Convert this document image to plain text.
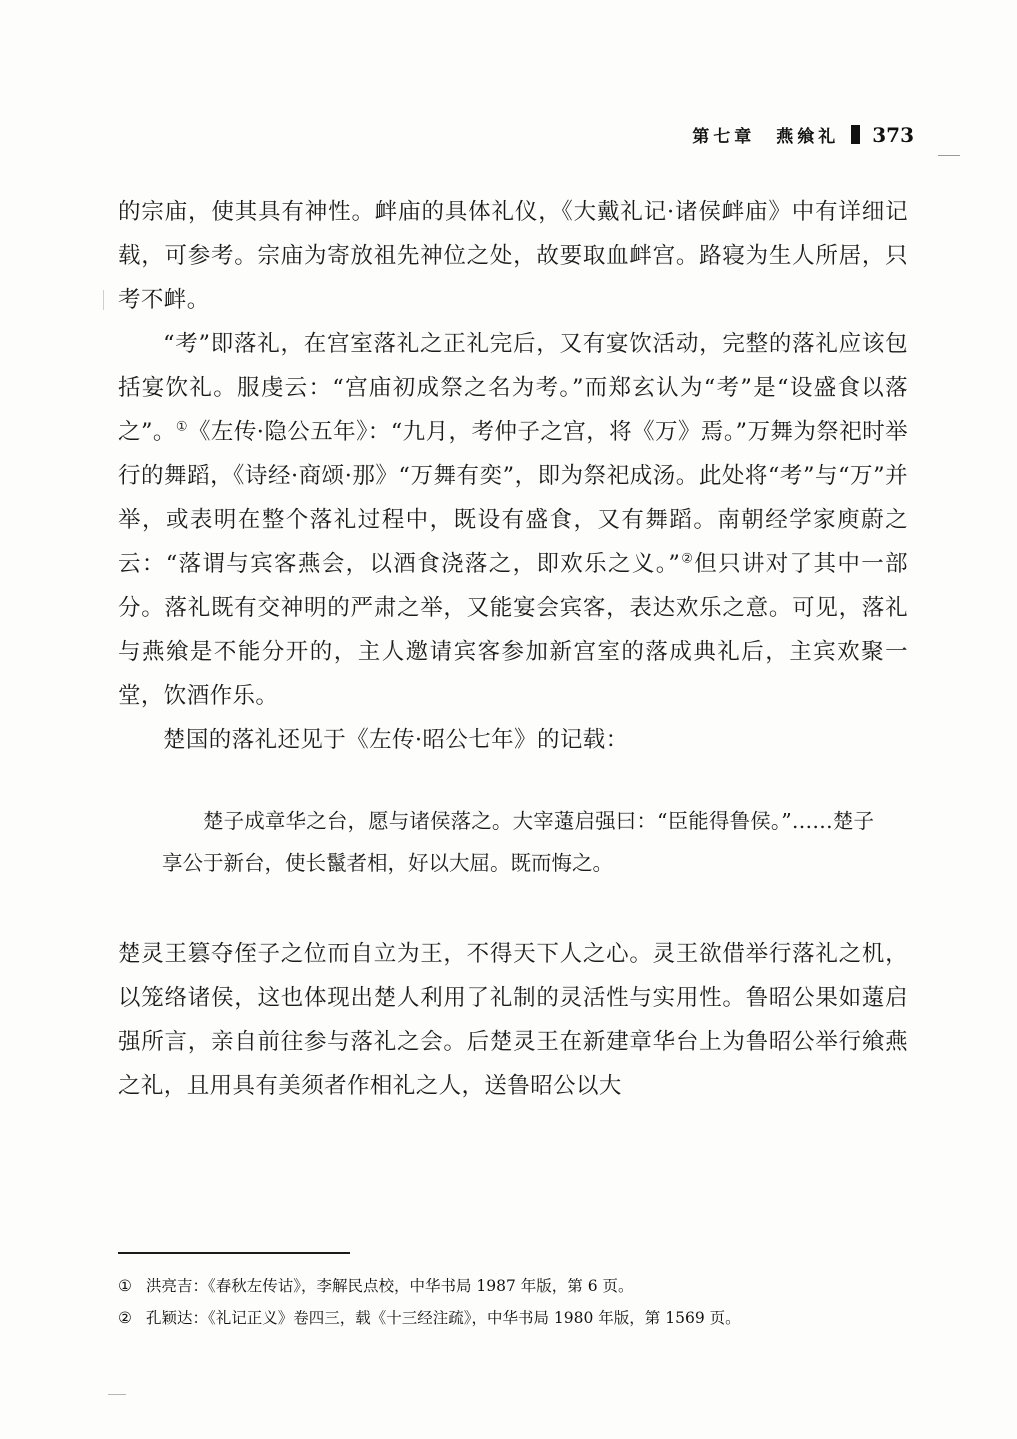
第七章　燕飨礼 373

的宗庙，使其具有神性。衅庙的具体礼仪，《大戴礼记·诸侯衅庙》中有详细记载，可参考。宗庙为寄放祖先神位之处，故要取血衅宫。路寝为生人所居，只考不衅。

“考”即落礼，在宫室落礼之正礼完后，又有宴饮活动，完整的落礼应该包括宴饮礼。服虔云：“宫庙初成祭之名为考。”而郑玄认为“考”是“设盛食以落之”。①《左传·隐公五年》：“九月，考仲子之宫，将《万》焉。”万舞为祭祀时举行的舞蹈，《诗经·商颂·那》“万舞有奕”，即为祭祀成汤。此处将“考”与“万”并举，或表明在整个落礼过程中，既设有盛食，又有舞蹈。南朝经学家庾蔚之云：“落谓与宾客燕会，以酒食浇落之，即欢乐之义。”②但只讲对了其中一部分。落礼既有交神明的严肃之举，又能宴会宾客，表达欢乐之意。可见，落礼与燕飨是不能分开的，主人邀请宾客参加新宫室的落成典礼后，主宾欢聚一堂，饮酒作乐。

楚国的落礼还见于《左传·昭公七年》的记载：

楚子成章华之台，愿与诸侯落之。大宰薳启强曰：“臣能得鲁侯。”……楚子享公于新台，使长鬣者相，好以大屈。既而悔之。

楚灵王篡夺侄子之位而自立为王，不得天下人之心。灵王欲借举行落礼之机，以笼络诸侯，这也体现出楚人利用了礼制的灵活性与实用性。鲁昭公果如薳启强所言，亲自前往参与落礼之会。后楚灵王在新建章华台上为鲁昭公举行飨燕之礼，且用具有美须者作相礼之人，送鲁昭公以大

① 洪亮吉：《春秋左传诂》，李解民点校，中华书局 1987 年版，第 6 页。
② 孔颖达：《礼记正义》卷四三，载《十三经注疏》，中华书局 1980 年版，第 1569 页。
